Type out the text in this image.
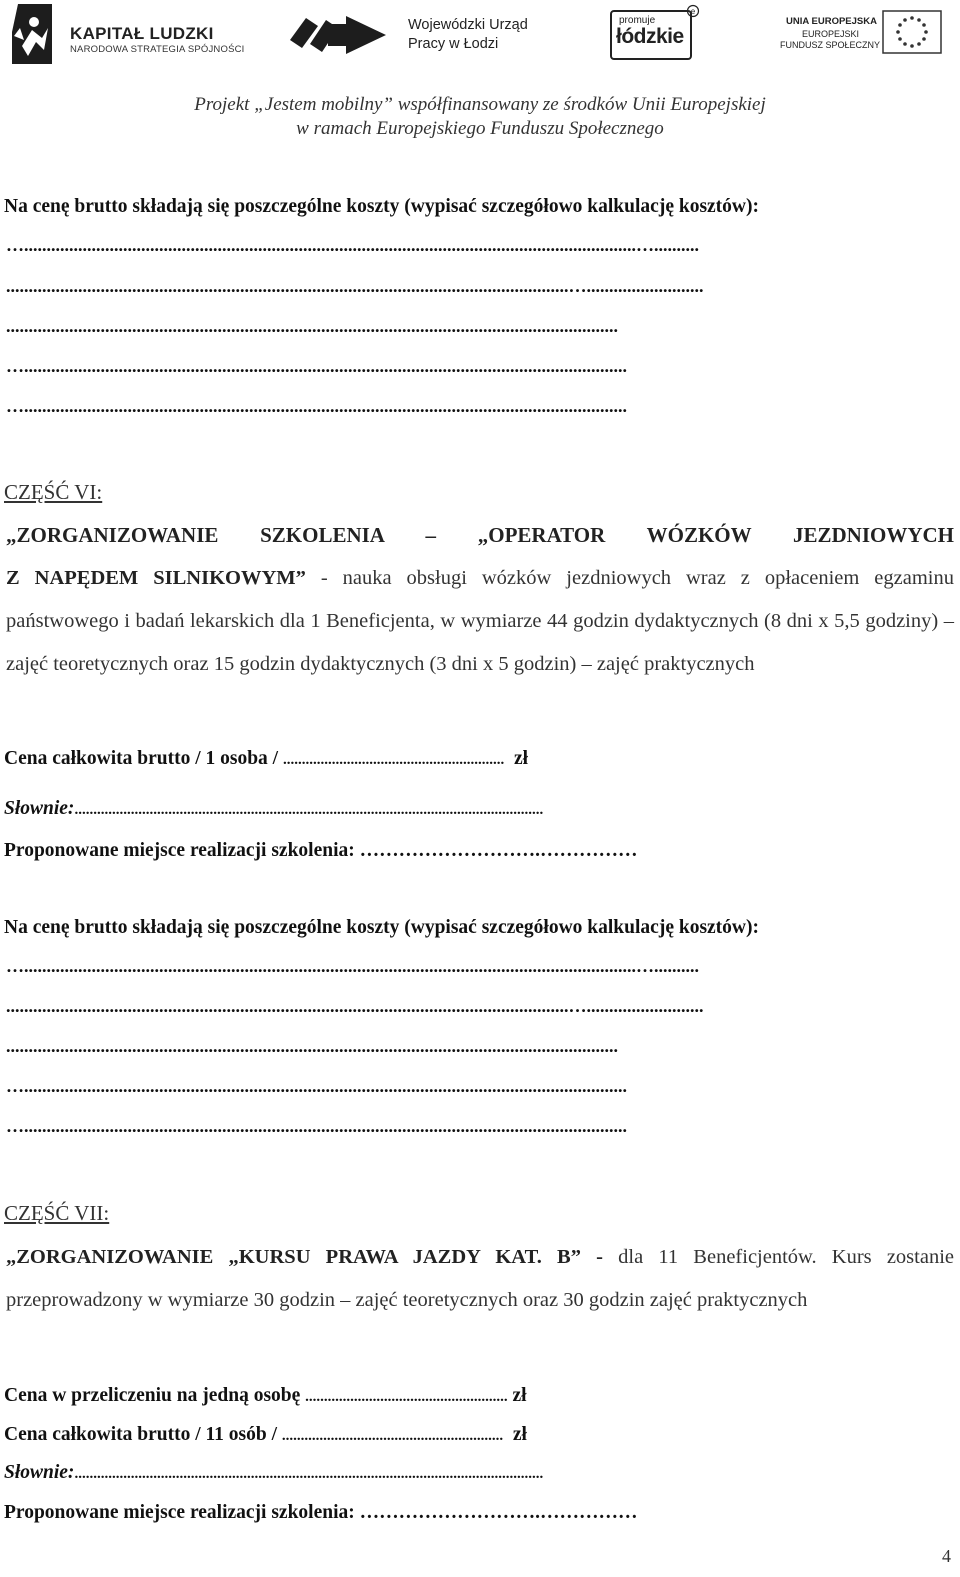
KAPITAŁ LUDZKI
NARODOWA STRATEGIA SPÓJNOŚCI
Wojewódzki Urząd
Pracy w Łodzi
promuje
łódzkie
e
UNIA EUROPEJSKA
EUROPEJSKI
FUNDUSZ SPOŁECZNY
Projekt „Jestem mobilny” współfinansowany ze środków Unii Europejskiej
w ramach Europejskiego Funduszu Społecznego
Na cenę brutto składają się poszczególne koszty (wypisać szczegółowo kalkulację kosztów):
…........................................................................................................................................…..........
.............................................................................................................................…..........................
........................................................................................................................................
…......................................................................................................................................
…......................................................................................................................................
CZĘŚĆ VI:
„ZORGANIZOWANIE SZKOLENIA – „OPERATOR WÓZKÓW JEZDNIOWYCH
Z NAPĘDEM SILNIKOWYM” - nauka obsługi wózków jezdniowych wraz z opłaceniem egzaminu państwowego i badań lekarskich dla 1 Beneficjenta, w wymiarze 44 godzin dydaktycznych (8 dni x 5,5 godziny) – zajęć teoretycznych oraz 15 godzin dydaktycznych (3 dni x 5 godzin) – zajęć praktycznych
Cena całkowita brutto / 1 osoba / ........................................................... zł
Słownie:.............................................................................................................................
Proponowane miejsce realizacji szkolenia: ……………………….……………
Na cenę brutto składają się poszczególne koszty (wypisać szczegółowo kalkulację kosztów):
…........................................................................................................................................…..........
.............................................................................................................................…..........................
........................................................................................................................................
…......................................................................................................................................
…......................................................................................................................................
CZĘŚĆ VII:
„ZORGANIZOWANIE „KURSU PRAWA JAZDY KAT. B” - dla 11 Beneficjentów. Kurs zostanie przeprowadzony w wymiarze 30 godzin – zajęć teoretycznych oraz 30 godzin zajęć praktycznych
Cena w przeliczeniu na jedną osobę ...................................................... zł
Cena całkowita brutto / 11 osób / ........................................................... zł
Słownie:.............................................................................................................................
Proponowane miejsce realizacji szkolenia: ……………………….……………
4
